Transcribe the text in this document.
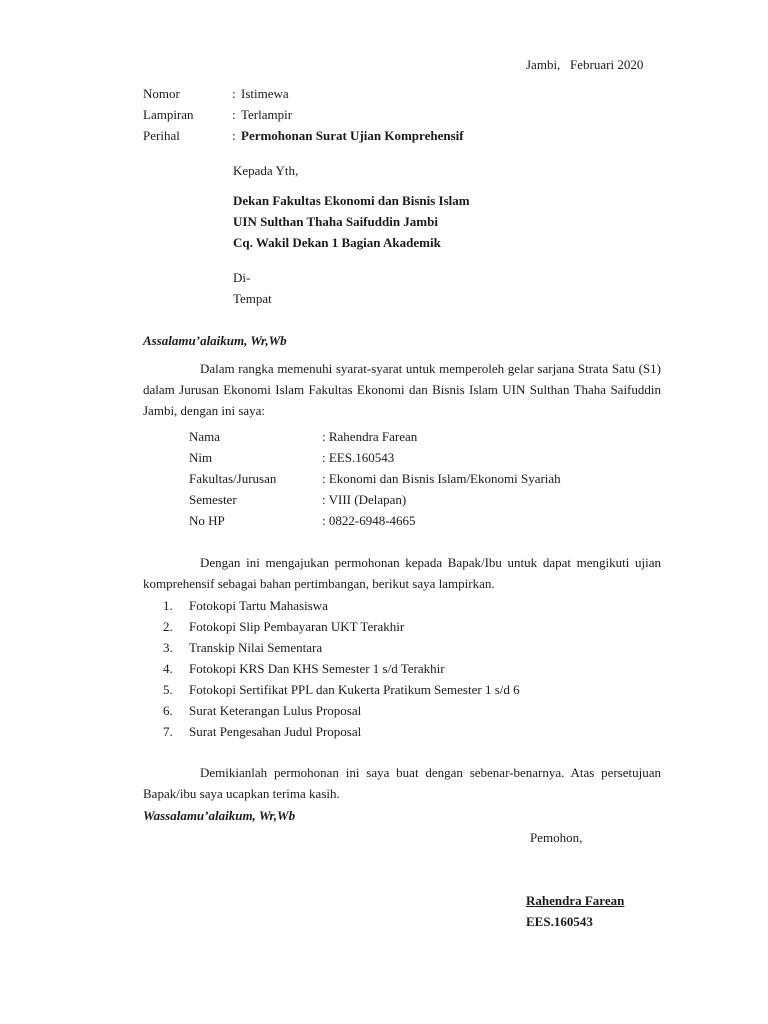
Jambi,   Februari 2020
Nomor	: Istimewa
Lampiran	: Terlampir
Perihal	: Permohonan Surat Ujian Komprehensif
Kepada Yth,
Dekan Fakultas Ekonomi dan Bisnis Islam
UIN Sulthan Thaha Saifuddin Jambi
Cq. Wakil Dekan 1 Bagian Akademik
Di-
Tempat
Assalamu’alaikum, Wr,Wb
Dalam rangka memenuhi syarat-syarat untuk memperoleh gelar sarjana Strata Satu (S1) dalam Jurusan Ekonomi Islam Fakultas Ekonomi dan Bisnis Islam UIN Sulthan Thaha Saifuddin Jambi, dengan ini saya:
Nama	: Rahendra Farean
Nim	: EES.160543
Fakultas/Jurusan	: Ekonomi dan Bisnis Islam/Ekonomi Syariah
Semester	: VIII (Delapan)
No HP	: 0822-6948-4665
Dengan ini mengajukan permohonan kepada Bapak/Ibu untuk dapat mengikuti ujian komprehensif sebagai bahan pertimbangan, berikut saya lampirkan.
1. Fotokopi Tartu Mahasiswa
2. Fotokopi Slip Pembayaran UKT Terakhir
3. Transkip Nilai Sementara
4. Fotokopi KRS Dan KHS Semester 1 s/d Terakhir
5. Fotokopi Sertifikat PPL dan Kukerta Pratikum Semester 1 s/d 6
6. Surat Keterangan Lulus Proposal
7. Surat Pengesahan Judul Proposal
Demikianlah permohonan ini saya buat dengan sebenar-benarnya. Atas persetujuan Bapak/ibu saya ucapkan terima kasih.
Wassalamu’alaikum, Wr,Wb
Pemohon,
Rahendra Farean
EES.160543
